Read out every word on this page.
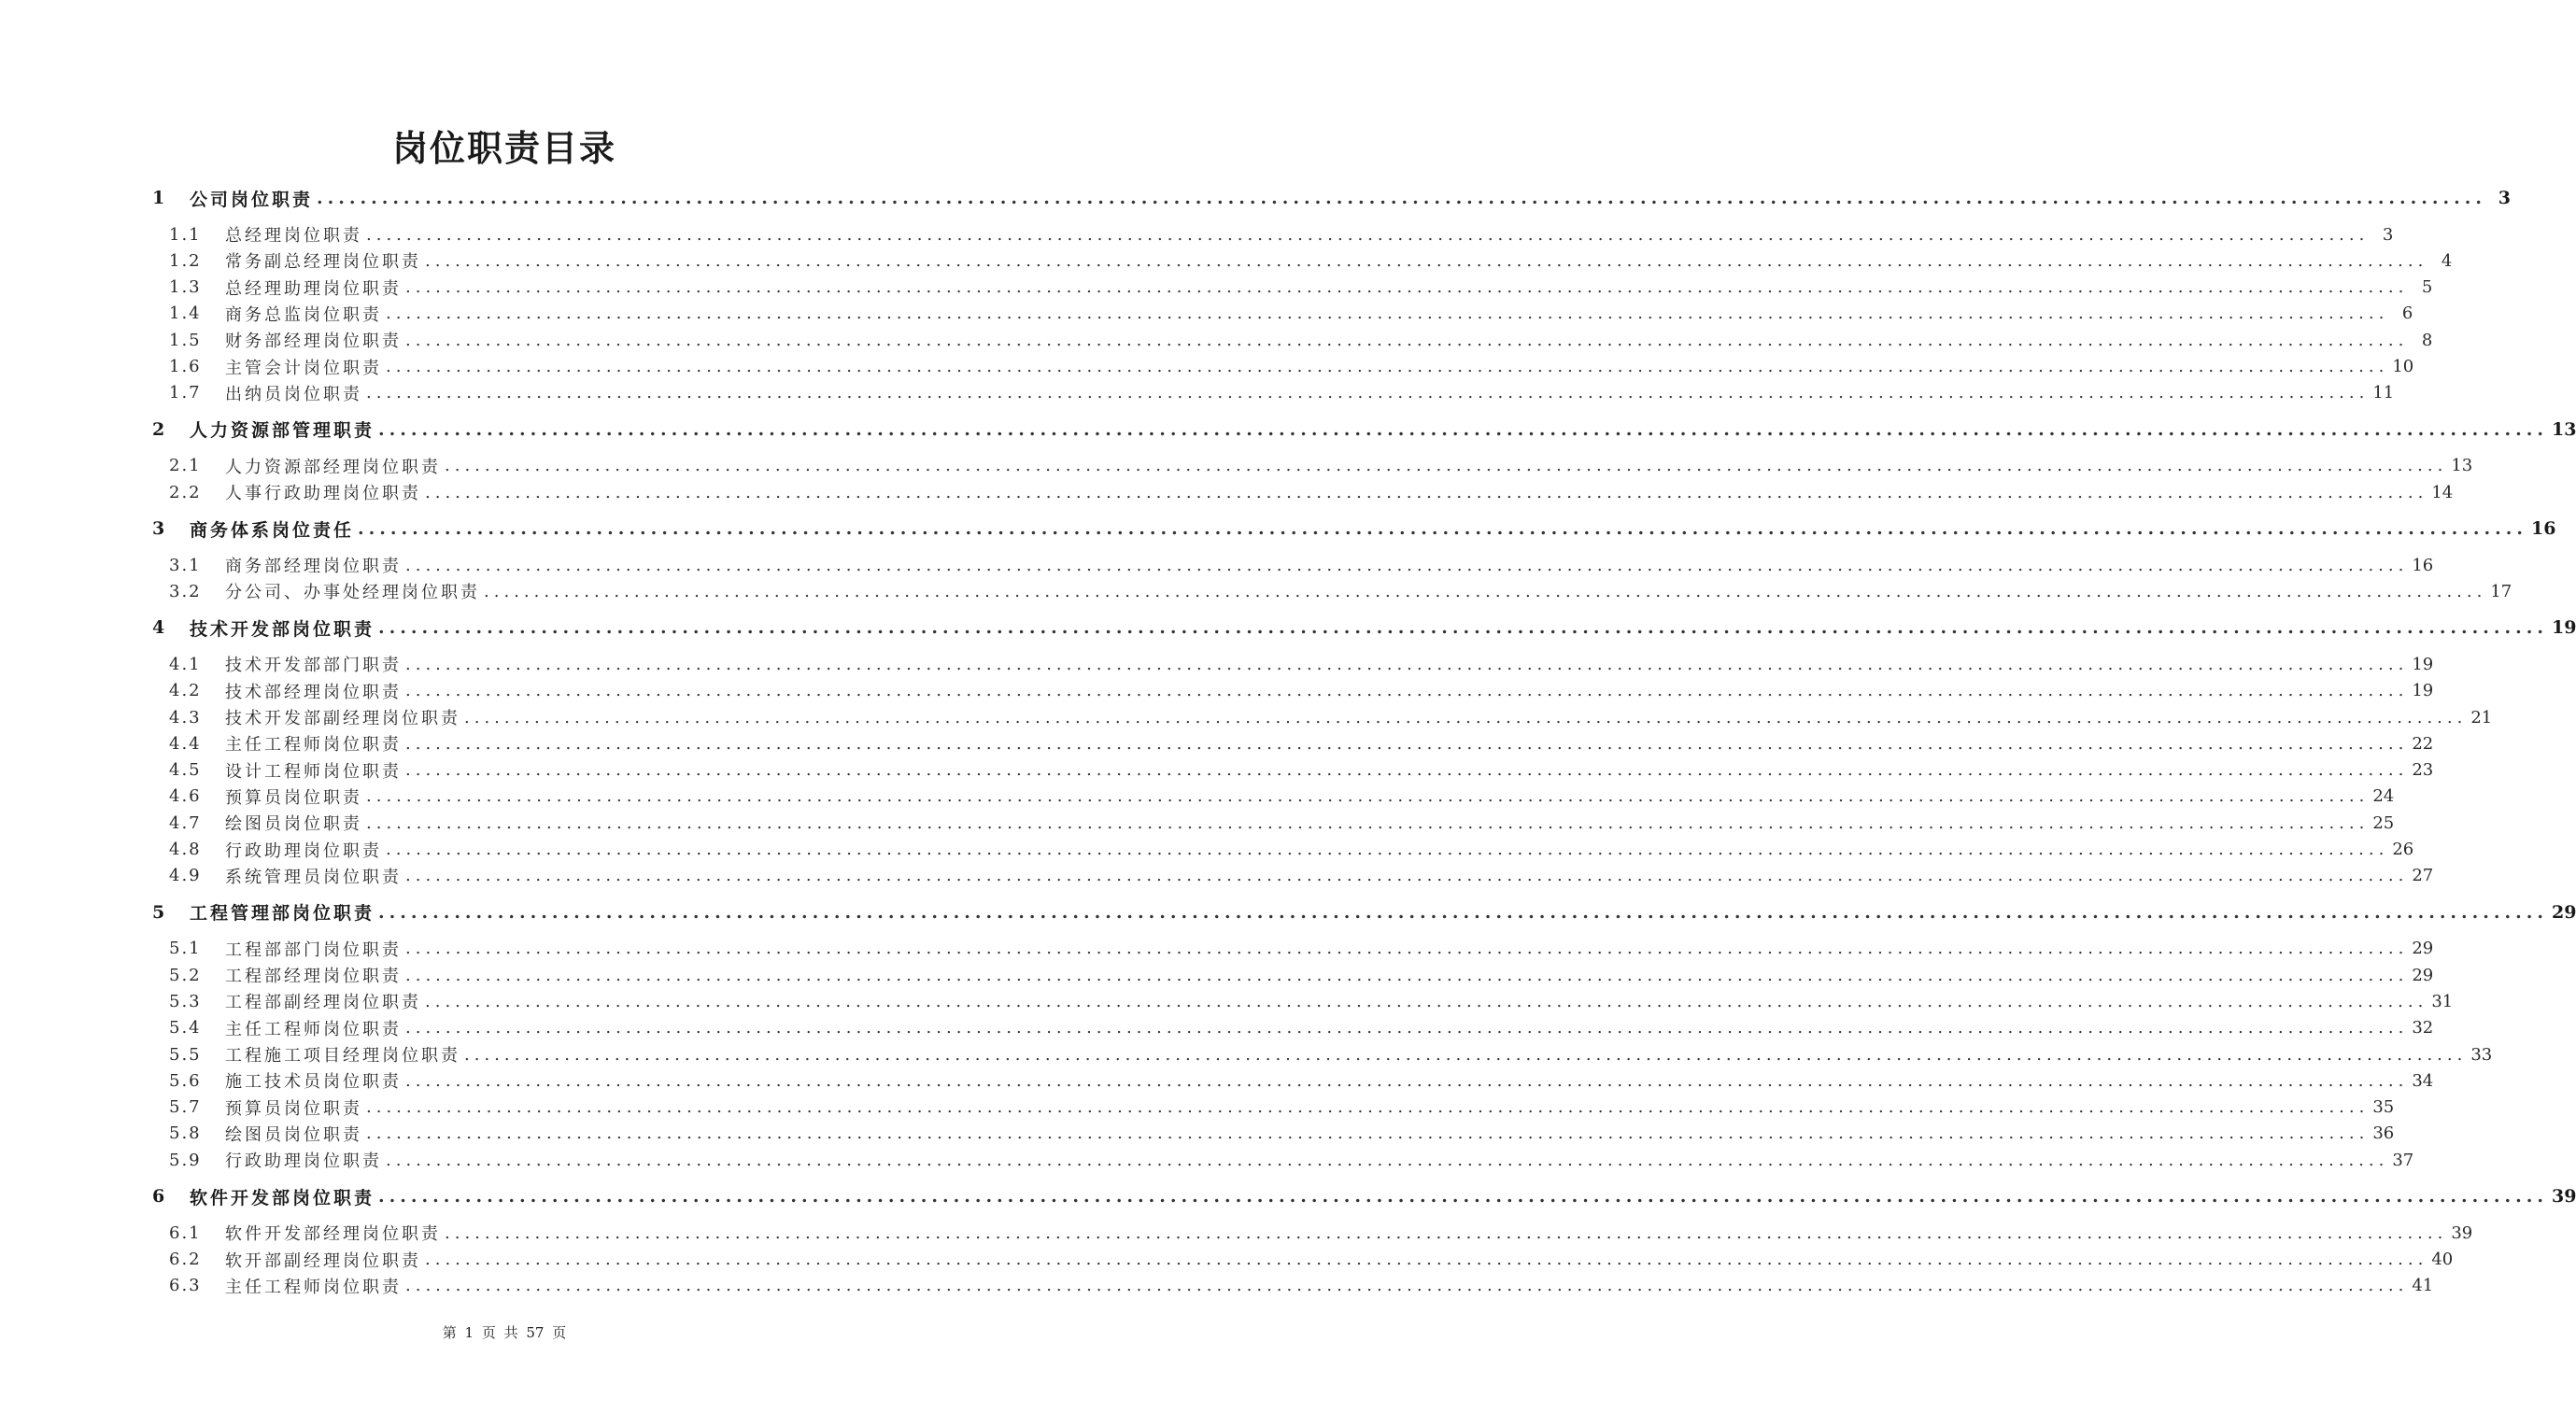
岗位职责目录
1	公司岗位职责 ........................................................................................................................................................................................................ 3
1.1	总经理岗位职责 ........................................................................................................................................................................................................ 3
1.2	常务副总经理岗位职责 ........................................................................................................................................................................................................ 4
1.3	总经理助理岗位职责 ........................................................................................................................................................................................................ 5
1.4	商务总监岗位职责 ........................................................................................................................................................................................................ 6
1.5	财务部经理岗位职责 ........................................................................................................................................................................................................ 8
1.6	主管会计岗位职责 ........................................................................................................................................................................................................ 10
1.7	出纳员岗位职责 ........................................................................................................................................................................................................ 11
2	人力资源部管理职责 ........................................................................................................................................................................................................ 13
2.1	人力资源部经理岗位职责 ........................................................................................................................................................................................................ 13
2.2	人事行政助理岗位职责 ........................................................................................................................................................................................................ 14
3	商务体系岗位责任 ........................................................................................................................................................................................................ 16
3.1	商务部经理岗位职责 ........................................................................................................................................................................................................ 16
3.2	分公司、办事处经理岗位职责 ........................................................................................................................................................................................................ 17
4	技术开发部岗位职责 ........................................................................................................................................................................................................ 19
4.1	技术开发部部门职责 ........................................................................................................................................................................................................ 19
4.2	技术部经理岗位职责 ........................................................................................................................................................................................................ 19
4.3	技术开发部副经理岗位职责 ........................................................................................................................................................................................................ 21
4.4	主任工程师岗位职责 ........................................................................................................................................................................................................ 22
4.5	设计工程师岗位职责 ........................................................................................................................................................................................................ 23
4.6	预算员岗位职责 ........................................................................................................................................................................................................ 24
4.7	绘图员岗位职责 ........................................................................................................................................................................................................ 25
4.8	行政助理岗位职责 ........................................................................................................................................................................................................ 26
4.9	系统管理员岗位职责 ........................................................................................................................................................................................................ 27
5	工程管理部岗位职责 ........................................................................................................................................................................................................ 29
5.1	工程部部门岗位职责 ........................................................................................................................................................................................................ 29
5.2	工程部经理岗位职责 ........................................................................................................................................................................................................ 29
5.3	工程部副经理岗位职责 ........................................................................................................................................................................................................ 31
5.4	主任工程师岗位职责 ........................................................................................................................................................................................................ 32
5.5	工程施工项目经理岗位职责 ........................................................................................................................................................................................................ 33
5.6	施工技术员岗位职责 ........................................................................................................................................................................................................ 34
5.7	预算员岗位职责 ........................................................................................................................................................................................................ 35
5.8	绘图员岗位职责 ........................................................................................................................................................................................................ 36
5.9	行政助理岗位职责 ........................................................................................................................................................................................................ 37
6	软件开发部岗位职责 ........................................................................................................................................................................................................ 39
6.1	软件开发部经理岗位职责 ........................................................................................................................................................................................................ 39
6.2	软开部副经理岗位职责 ........................................................................................................................................................................................................ 40
6.3	主任工程师岗位职责 ........................................................................................................................................................................................................ 41
第 1 页 共 57 页
